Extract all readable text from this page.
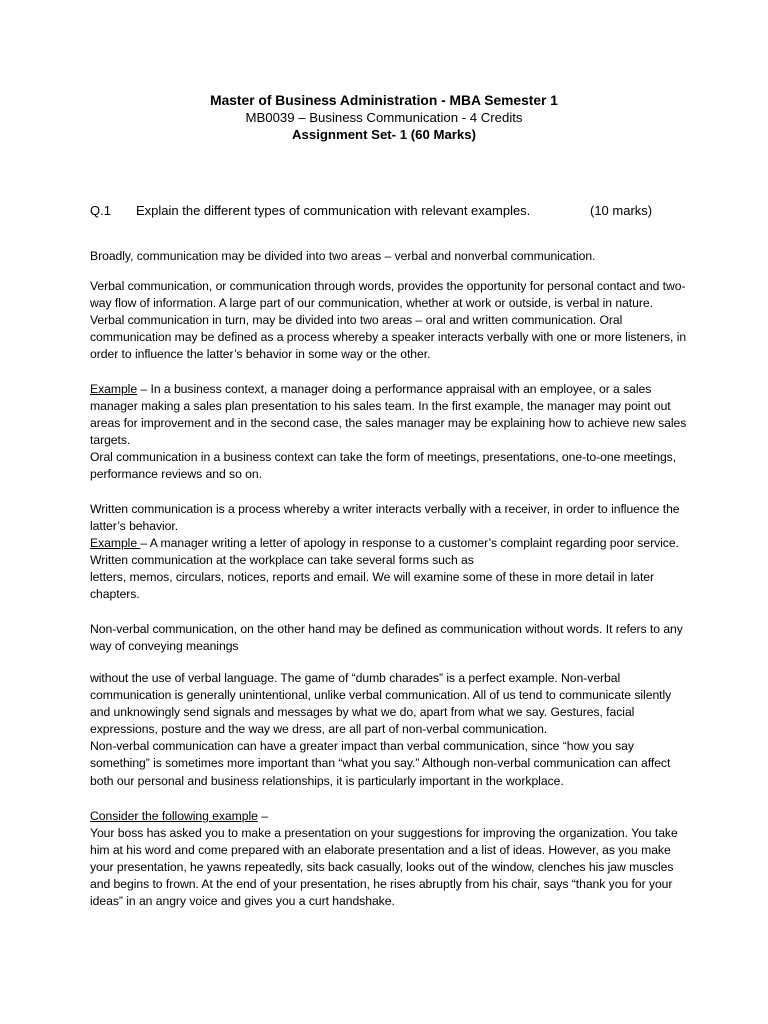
Master of Business Administration - MBA Semester 1
MB0039 – Business Communication - 4 Credits
Assignment Set- 1 (60 Marks)
Q.1 Explain the different types of communication with relevant examples.	(10 marks)

Broadly, communication may be divided into two areas – verbal and nonverbal communication.

Verbal communication, or communication through words, provides the opportunity for personal contact and two-way flow of information. A large part of our communication, whether at work or outside, is verbal in nature. Verbal communication in turn, may be divided into two areas – oral and written communication. Oral communication may be defined as a process whereby a speaker interacts verbally with one or more listeners, in order to influence the latter’s behavior in some way or the other.

Example – In a business context, a manager doing a performance appraisal with an employee, or a sales manager making a sales plan presentation to his sales team. In the first example, the manager may point out areas for improvement and in the second case, the sales manager may be explaining how to achieve new sales targets.

Oral communication in a business context can take the form of meetings, presentations, one-to-one meetings, performance reviews and so on.

Written communication is a process whereby a writer interacts verbally with a receiver, in order to influence the latter’s behavior.

Example – A manager writing a letter of apology in response to a customer’s complaint regarding poor service. Written communication at the workplace can take several forms such as

letters, memos, circulars, notices, reports and email. We will examine some of these in more detail in later chapters.

Non-verbal communication, on the other hand may be defined as communication without words. It refers to any way of conveying meanings

without the use of verbal language. The game of “dumb charades” is a perfect example. Non-verbal communication is generally unintentional, unlike verbal communication. All of us tend to communicate silently and unknowingly send signals and messages by what we do, apart from what we say. Gestures, facial expressions, posture and the way we dress, are all part of non-verbal communication.

Non-verbal communication can have a greater impact than verbal communication, since “how you say something” is sometimes more important than “what you say.” Although non-verbal communication can affect both our personal and business relationships, it is particularly important in the workplace.

Consider the following example –

Your boss has asked you to make a presentation on your suggestions for improving the organization. You take him at his word and come prepared with an elaborate presentation and a list of ideas. However, as you make your presentation, he yawns repeatedly, sits back casually, looks out of the window, clenches his jaw muscles and begins to frown. At the end of your presentation, he rises abruptly from his chair, says “thank you for your ideas” in an angry voice and gives you a curt handshake.
